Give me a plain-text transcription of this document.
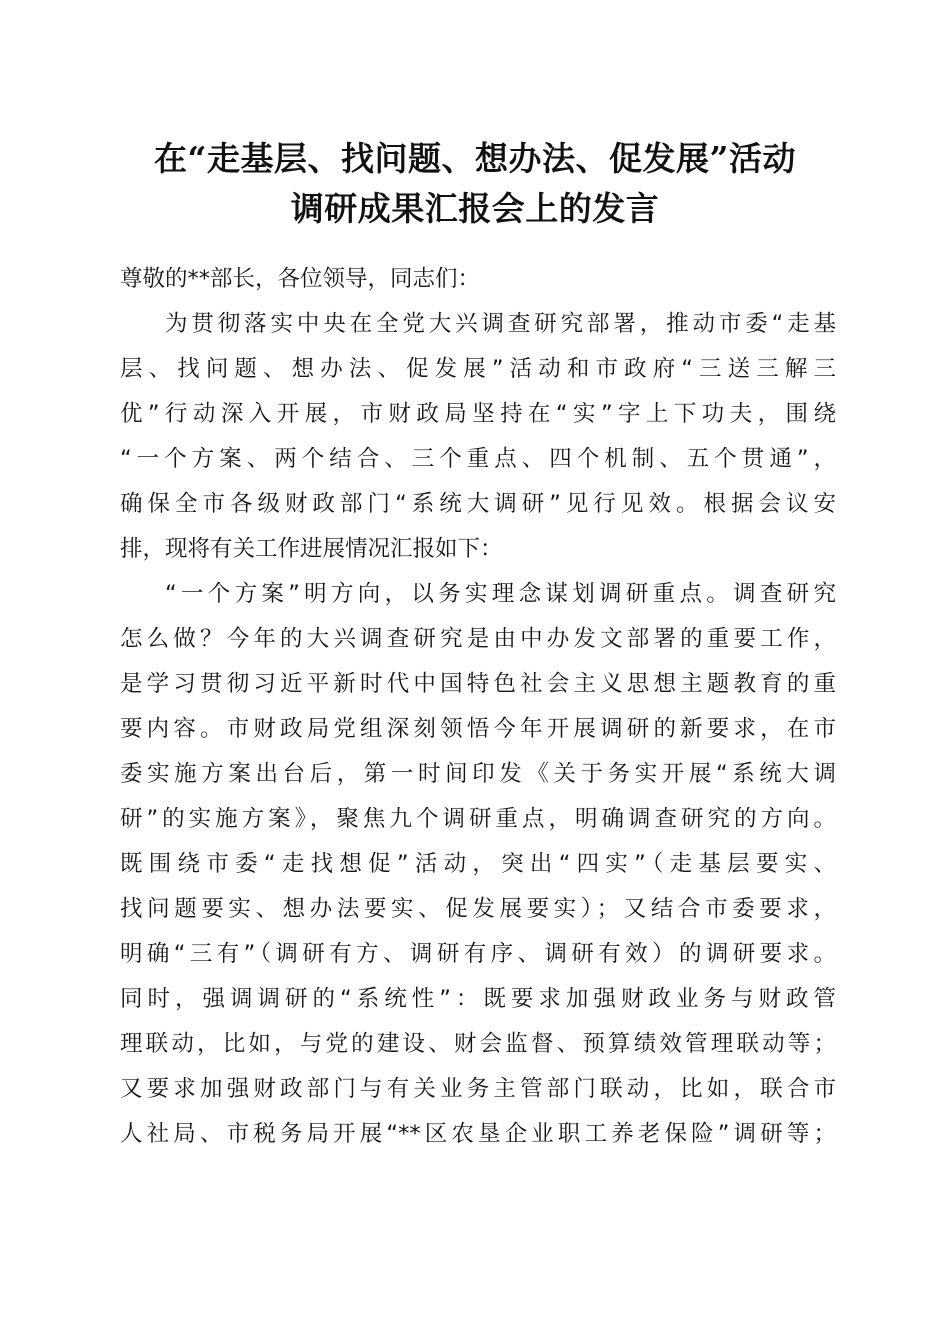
在“走基层、找问题、想办法、促发展”活动
调研成果汇报会上的发言
尊敬的**部长，各位领导，同志们：
为贯彻落实中央在全党大兴调查研究部署，推动市委“走基
层、找问题、想办法、促发展”活动和市政府“三送三解三
优”行动深入开展，市财政局坚持在“实”字上下功夫，围绕
“一个方案、两个结合、三个重点、四个机制、五个贯通”，
确保全市各级财政部门“系统大调研”见行见效。根据会议安
排，现将有关工作进展情况汇报如下：
“一个方案”明方向，以务实理念谋划调研重点。调查研究
怎么做？今年的大兴调查研究是由中办发文部署的重要工作，
是学习贯彻习近平新时代中国特色社会主义思想主题教育的重
要内容。市财政局党组深刻领悟今年开展调研的新要求，在市
委实施方案出台后，第一时间印发《关于务实开展“系统大调
研”的实施方案》，聚焦九个调研重点，明确调查研究的方向。
既围绕市委“走找想促”活动，突出“四实”（走基层要实、
找问题要实、想办法要实、促发展要实）；又结合市委要求，
明确“三有”（调研有方、调研有序、调研有效）的调研要求。
同时，强调调研的“系统性”：既要求加强财政业务与财政管
理联动，比如，与党的建设、财会监督、预算绩效管理联动等；
又要求加强财政部门与有关业务主管部门联动，比如，联合市
人社局、市税务局开展“**区农垦企业职工养老保险”调研等；
